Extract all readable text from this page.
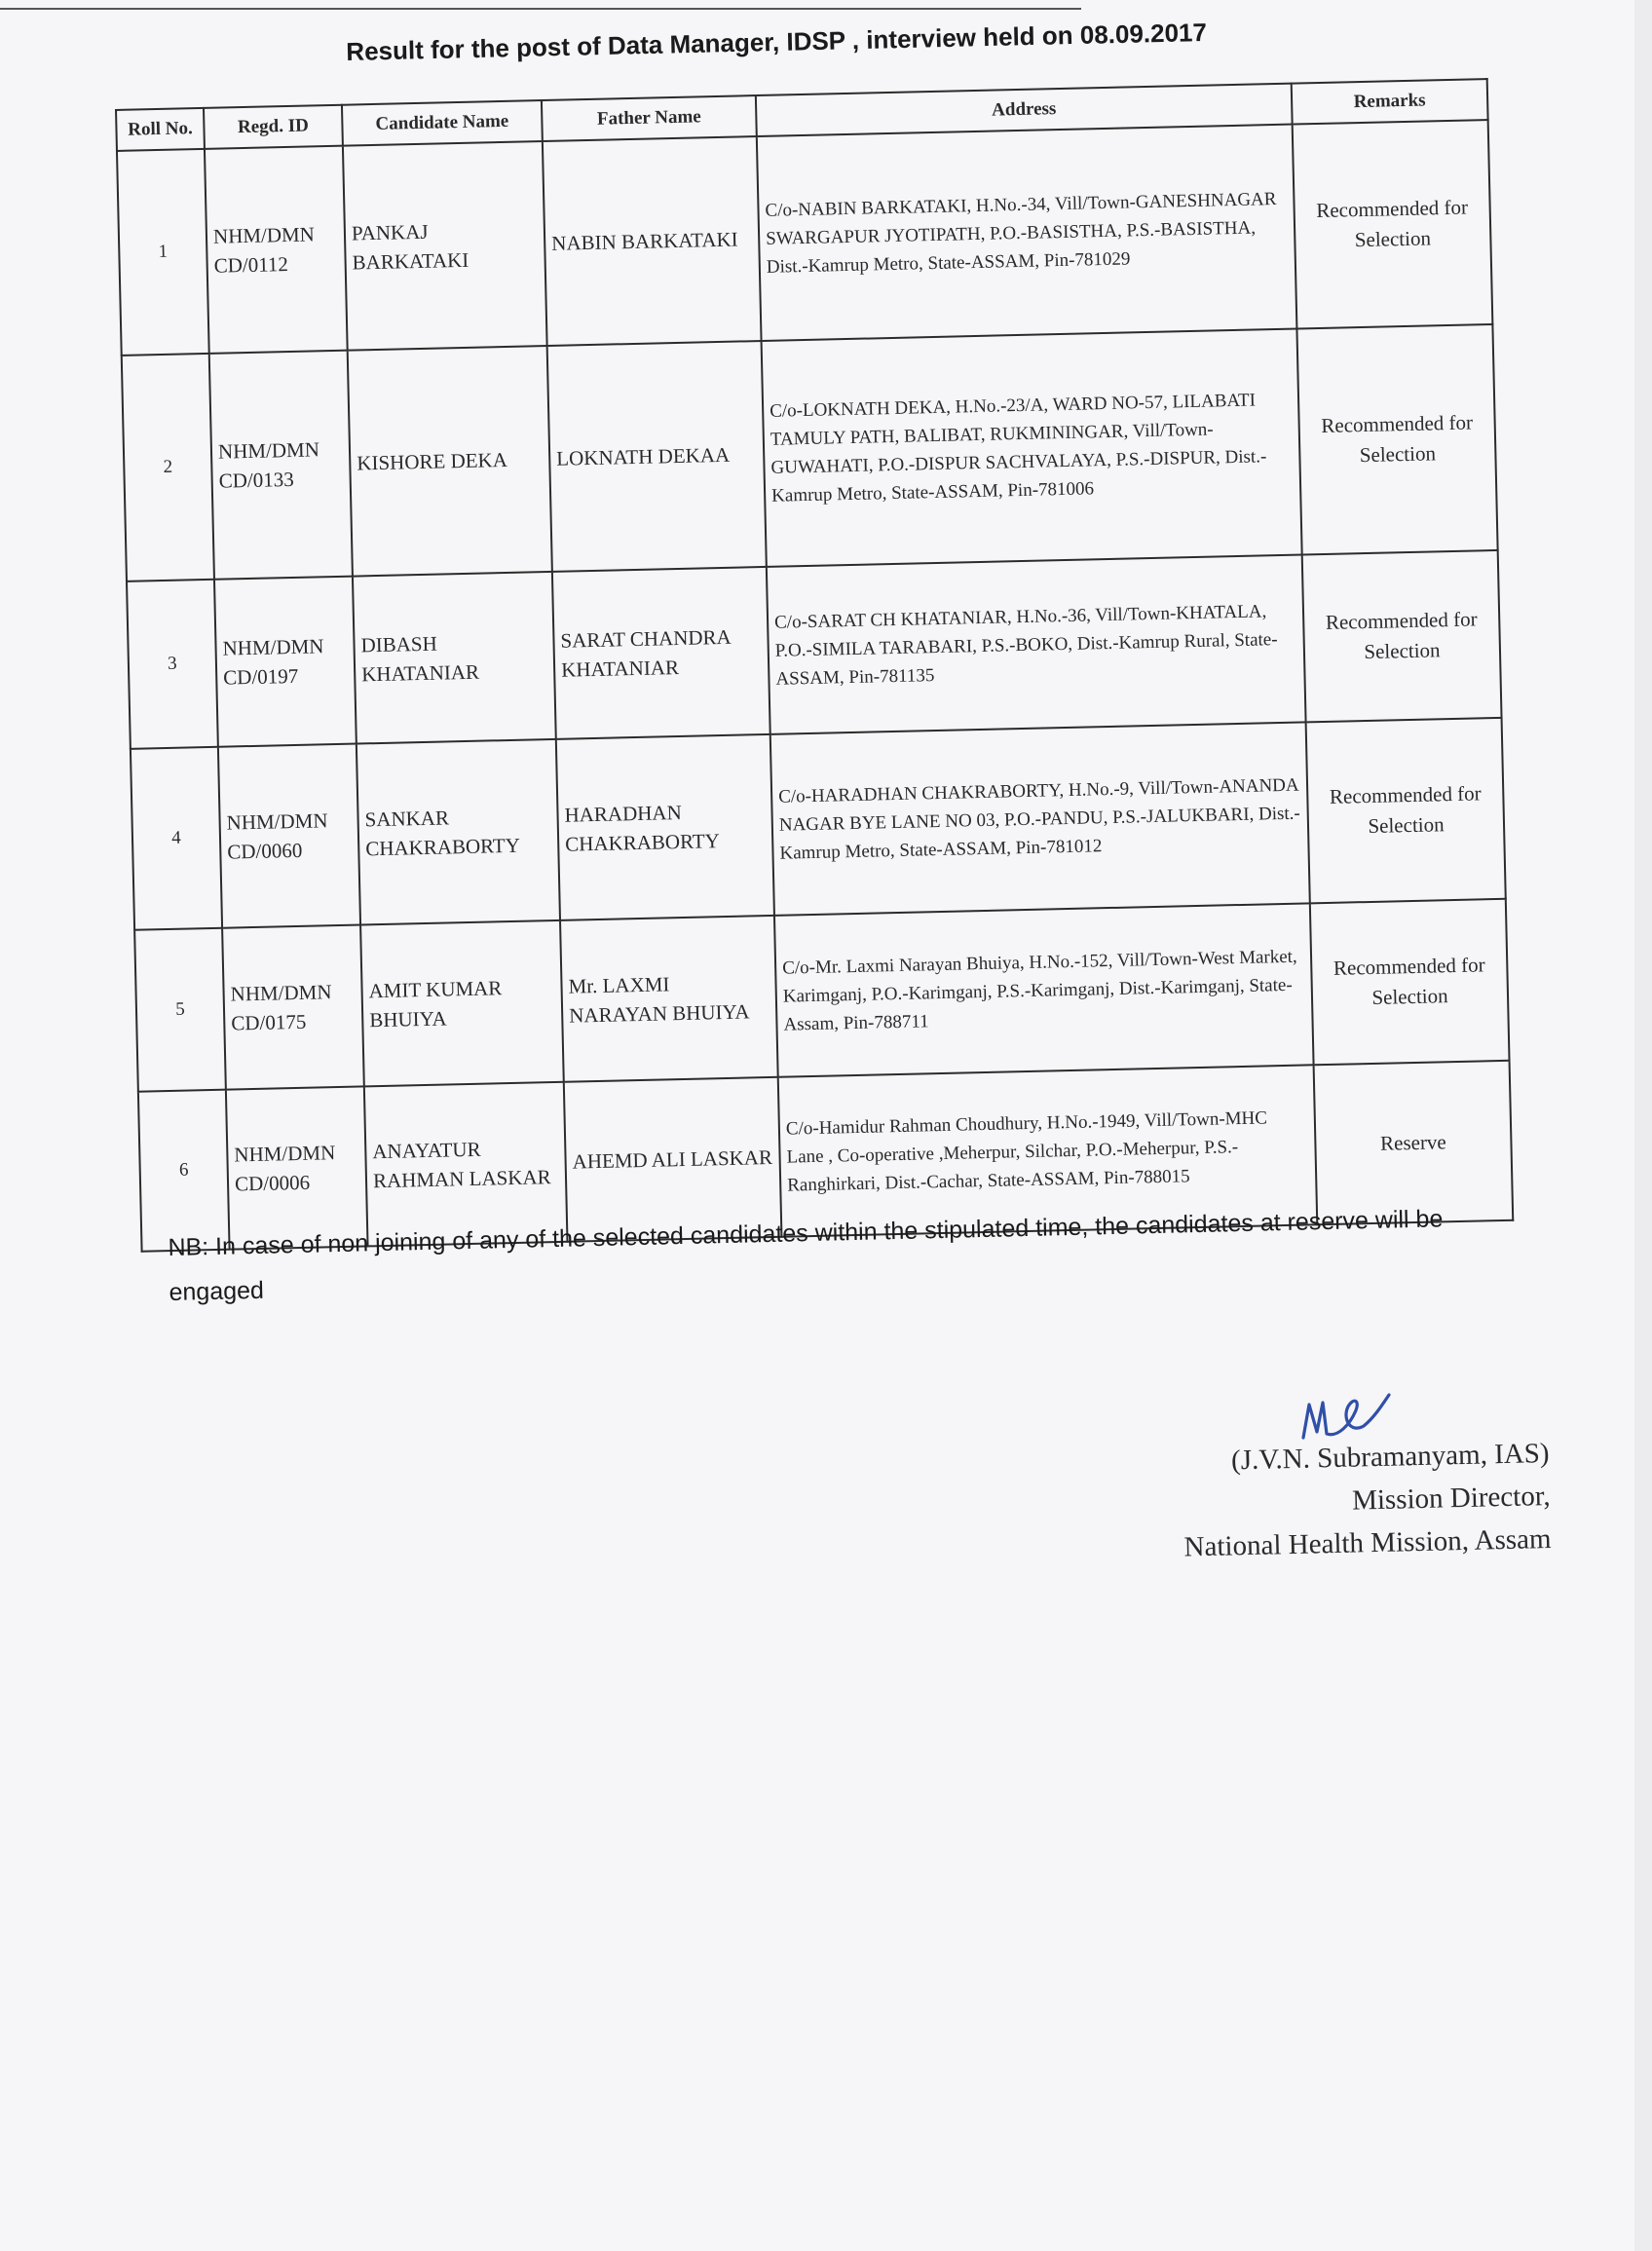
Result for the post of Data Manager, IDSP , interview held on 08.09.2017
Roll No.	Regd. ID	Candidate Name	Father Name	Address	Remarks
1	NHM/DMN CD/0112	PANKAJ BARKATAKI	NABIN BARKATAKI	C/o-NABIN BARKATAKI, H.No.-34, Vill/Town-GANESHNAGAR SWARGAPUR JYOTIPATH, P.O.-BASISTHA, P.S.-BASISTHA, Dist.-Kamrup Metro, State-ASSAM, Pin-781029	Recommended for Selection
2	NHM/DMN CD/0133	KISHORE DEKA	LOKNATH DEKAA	C/o-LOKNATH DEKA, H.No.-23/A, WARD NO-57, LILABATI TAMULY PATH, BALIBAT, RUKMININGAR, Vill/Town-GUWAHATI, P.O.-DISPUR SACHVALAYA, P.S.-DISPUR, Dist.-Kamrup Metro, State-ASSAM, Pin-781006	Recommended for Selection
3	NHM/DMN CD/0197	DIBASH KHATANIAR	SARAT CHANDRA KHATANIAR	C/o-SARAT CH KHATANIAR, H.No.-36, Vill/Town-KHATALA, P.O.-SIMILA TARABARI, P.S.-BOKO, Dist.-Kamrup Rural, State-ASSAM, Pin-781135	Recommended for Selection
4	NHM/DMN CD/0060	SANKAR CHAKRABORTY	HARADHAN CHAKRABORTY	C/o-HARADHAN CHAKRABORTY, H.No.-9, Vill/Town-ANANDA NAGAR BYE LANE NO 03, P.O.-PANDU, P.S.-JALUKBARI, Dist.-Kamrup Metro, State-ASSAM, Pin-781012	Recommended for Selection
5	NHM/DMN CD/0175	AMIT KUMAR BHUIYA	Mr. LAXMI NARAYAN BHUIYA	C/o-Mr. Laxmi Narayan Bhuiya, H.No.-152, Vill/Town-West Market, Karimganj, P.O.-Karimganj, P.S.-Karimganj, Dist.-Karimganj, State-Assam, Pin-788711	Recommended for Selection
6	NHM/DMN CD/0006	ANAYATUR RAHMAN LASKAR	AHEMD ALI LASKAR	C/o-Hamidur Rahman Choudhury, H.No.-1949, Vill/Town-MHC Lane , Co-operative ,Meherpur, Silchar, P.O.-Meherpur, P.S.-Ranghirkari, Dist.-Cachar, State-ASSAM, Pin-788015	Reserve
NB: In case of non joining of any of the selected candidates within the stipulated time, the candidates at reserve will be engaged
(J.V.N. Subramanyam, IAS)
Mission Director,
National Health Mission, Assam
